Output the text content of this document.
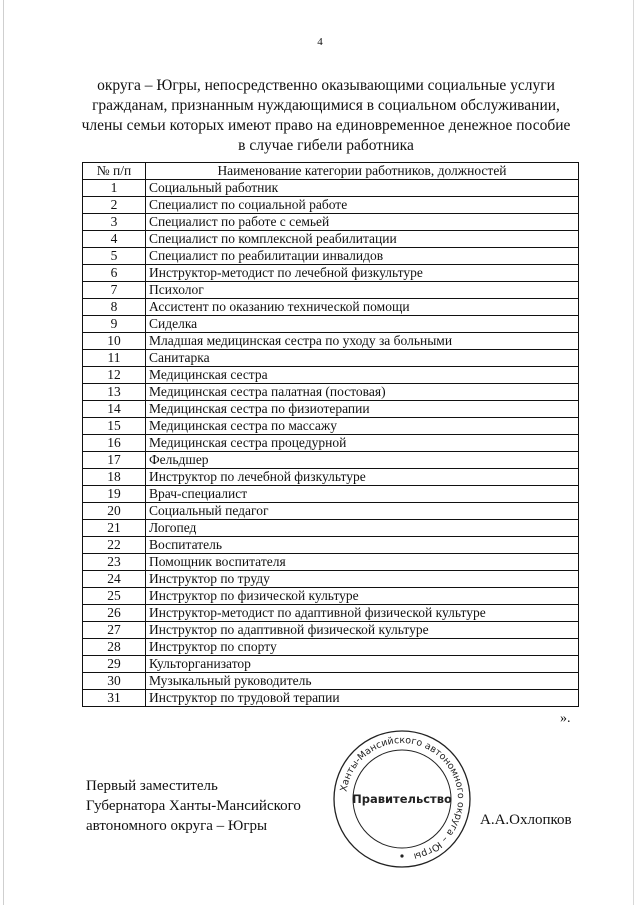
4
округа – Югры, непосредственно оказывающими социальные услуги
гражданам, признанным нуждающимися в социальном обслуживании,
члены семьи которых имеют право на единовременное денежное пособие
в случае гибели работника
№ п/п	Наименование категории работников, должностей
1	Социальный работник
2	Специалист по социальной работе
3	Специалист по работе с семьей
4	Специалист по комплексной реабилитации
5	Специалист по реабилитации инвалидов
6	Инструктор-методист по лечебной физкультуре
7	Психолог
8	Ассистент по оказанию технической помощи
9	Сиделка
10	Младшая медицинская сестра по уходу за больными
11	Санитарка
12	Медицинская сестра
13	Медицинская сестра палатная (постовая)
14	Медицинская сестра по физиотерапии
15	Медицинская сестра по массажу
16	Медицинская сестра процедурной
17	Фельдшер
18	Инструктор по лечебной физкультуре
19	Врач-специалист
20	Социальный педагог
21	Логопед
22	Воспитатель
23	Помощник воспитателя
24	Инструктор по труду
25	Инструктор по физической культуре
26	Инструктор-методист по адаптивной физической культуре
27	Инструктор по адаптивной физической культуре
28	Инструктор по спорту
29	Культорганизатор
30	Музыкальный руководитель
31	Инструктор по трудовой терапии
».
Первый заместитель
Губернатора Ханты-Мансийского
автономного округа – Югры	А.А.Охлопков
Ханты-Мансийского автономного округа – Югры
Правительство
